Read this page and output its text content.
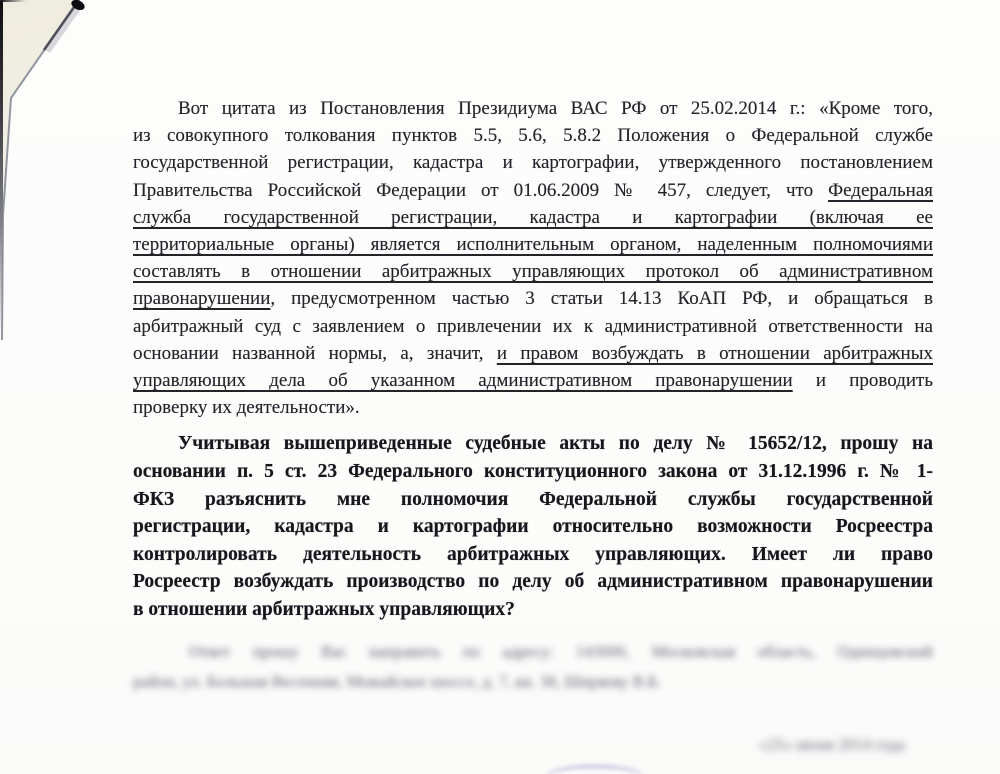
Вот цитата из Постановления Президиума ВАС РФ от 25.02.2014 г.: «Кроме того,
из совокупного толкования пунктов 5.5, 5.6, 5.8.2 Положения о Федеральной службе
государственной регистрации, кадастра и картографии, утвержденного постановлением
Правительства Российской Федерации от 01.06.2009 № 457, следует, что Федеральная
служба государственной регистрации, кадастра и картографии (включая ее
территориальные органы) является исполнительным органом, наделенным полномочиями
составлять в отношении арбитражных управляющих протокол об административном
правонарушении, предусмотренном частью 3 статьи 14.13 КоАП РФ, и обращаться в
арбитражный суд с заявлением о привлечении их к административной ответственности на
основании названной нормы, а, значит, и правом возбуждать в отношении арбитражных
управляющих дела об указанном административном правонарушении и проводить
проверку их деятельности».
Учитывая вышеприведенные судебные акты по делу № 15652/12, прошу на
основании п. 5 ст. 23 Федерального конституционного закона от 31.12.1996 г. № 1-
ФКЗ разъяснить мне полномочия Федеральной службы государственной
регистрации, кадастра и картографии относительно возможности Росреестра
контролировать деятельность арбитражных управляющих. Имеет ли право
Росреестр возбуждать производство по делу об административном правонарушении
в отношении арбитражных управляющих?
Ответ прошу Вас направить по адресу: 143000, Московская область, Одинцовский
район, ул. Большая Весенняя, Можайское шоссе, д. 7, кв. 38, Ширяеву В.Б.
«25» июня 2014 года
